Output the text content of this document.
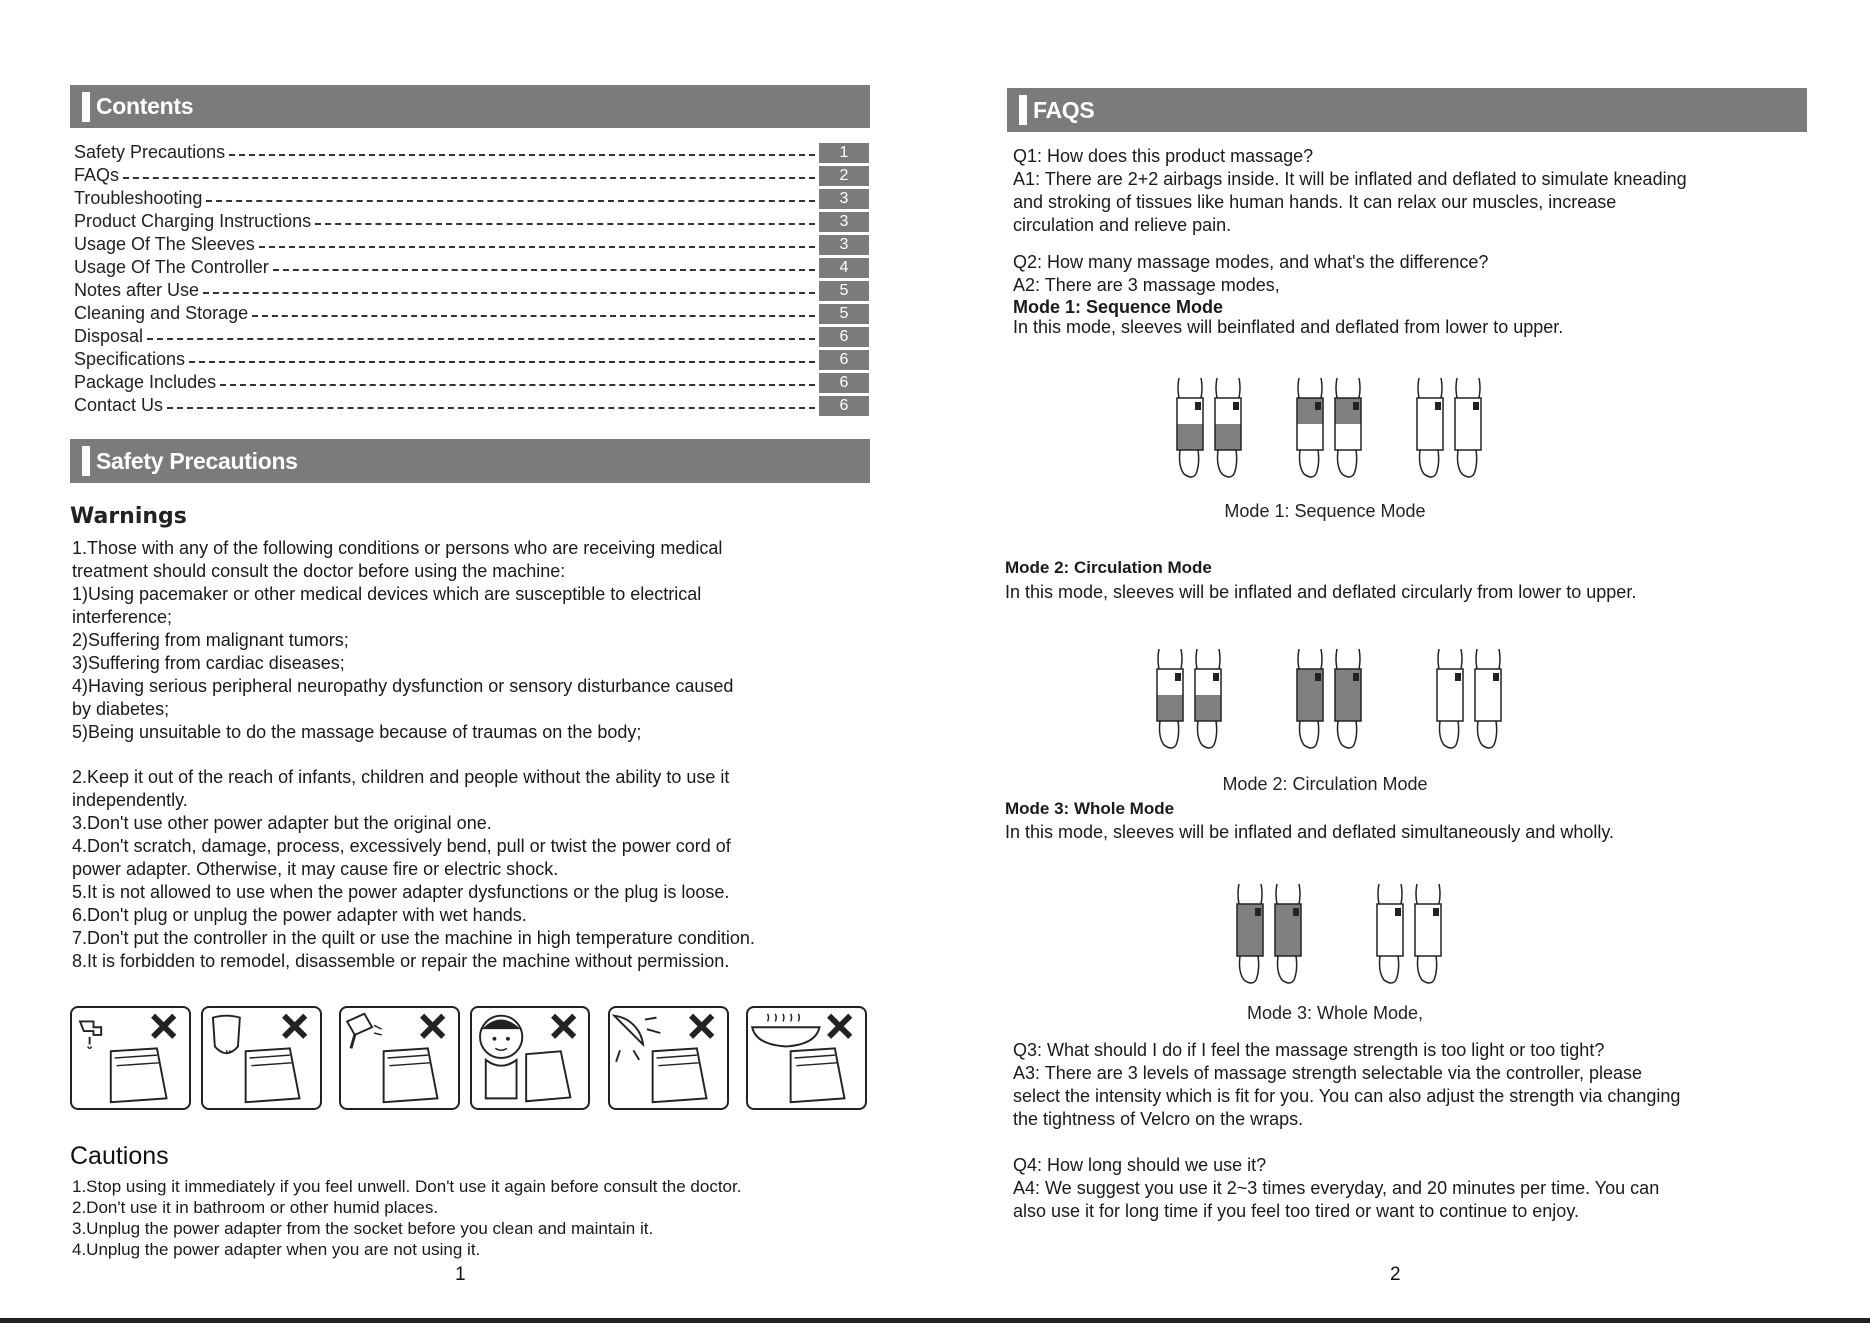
Contents
Safety Precautions	1
FAQs	2
Troubleshooting	3
Product Charging Instructions	3
Usage Of The Sleeves	3
Usage Of The Controller	4
Notes after Use	5
Cleaning and Storage	5
Disposal	6
Specifications	6
Package Includes	6
Contact Us	6
Safety Precautions
Warnings

1.Those with any of the following conditions or persons who are receiving medical

treatment should consult the doctor before using the machine:

1)Using pacemaker or other medical devices which are susceptible to electrical

interference;

2)Suffering from malignant tumors;

3)Suffering from cardiac diseases;

4)Having serious peripheral neuropathy dysfunction or sensory disturbance caused

by diabetes;

5)Being unsuitable to do the massage because of traumas on the body;

2.Keep it out of the reach of infants, children and people without the ability to use it

independently.

3.Don't use other power adapter but the original one.

4.Don't scratch, damage, process, excessively bend, pull or twist the power cord of

power adapter. Otherwise, it may cause fire or electric shock.

5.It is not allowed to use when the power adapter dysfunctions or the plug is loose.

6.Don't plug or unplug the power adapter with wet hands.

7.Don't put the controller in the quilt or use the machine in high temperature condition.

8.It is forbidden to remodel, disassemble or repair the machine without permission.

Cautions

1.Stop using it immediately if you feel unwell. Don't use it again before consult the doctor.

2.Don't use it in bathroom or other humid places.

3.Unplug the power adapter from the socket before you clean and maintain it.

4.Unplug the power adapter when you are not using it.

1
FAQS

Q1: How does this product massage?

A1: There are 2+2 airbags inside. It will be inflated and deflated to simulate kneading

and stroking of tissues like human hands. It can relax our muscles, increase

circulation and relieve pain.

Q2: How many massage modes, and what's the difference?

A2: There are 3 massage modes,

Mode 1: Sequence Mode
In this mode, sleeves will beinflated and deflated from lower to upper.
Mode 1: Sequence Mode
Mode 2: Circulation Mode
In this mode, sleeves will be inflated and deflated circularly from lower to upper.
Mode 2: Circulation Mode
Mode 3: Whole Mode
In this mode, sleeves will be inflated and deflated simultaneously and wholly.
Mode 3: Whole Mode,

Q3: What should I do if I feel the massage strength is too light or too tight?

A3: There are 3 levels of massage strength selectable via the controller, please

select the intensity which is fit for you. You can also adjust the strength via changing

the tightness of Velcro on the wraps.

Q4: How long should we use it?

A4: We suggest you use it 2~3 times everyday, and 20 minutes per time. You can

also use it for long time if you feel too tired or want to continue to enjoy.

2
